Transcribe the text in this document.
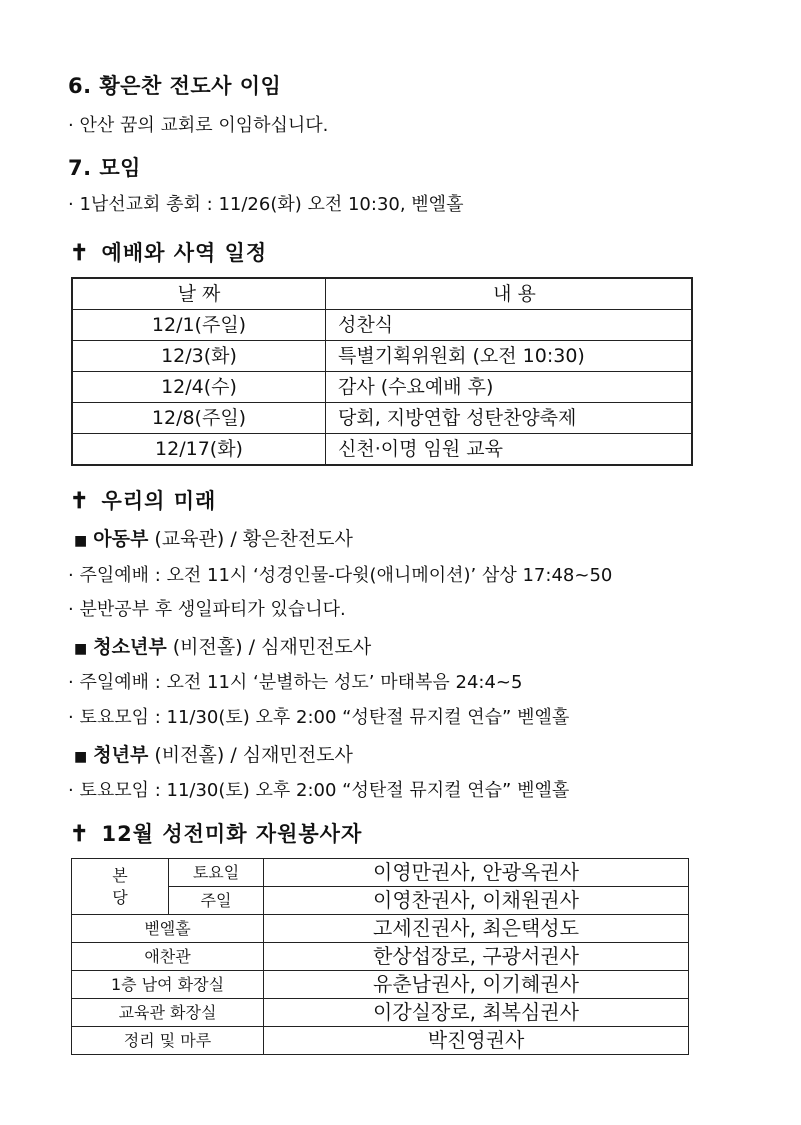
6. 황은찬 전도사 이임
· 안산 꿈의 교회로 이임하십니다.
7. 모임
· 1남선교회 총회 : 11/26(화) 오전 10:30, 벧엘홀
✝ 예배와 사역 일정
날 짜	내 용
12/1(주일)	성찬식
12/3(화)	특별기획위원회 (오전 10:30)
12/4(수)	감사 (수요예배 후)
12/8(주일)	당회, 지방연합 성탄찬양축제
12/17(화)	신천·이명 임원 교육
✝ 우리의 미래
■ 아동부 (교육관) / 황은찬전도사
· 주일예배 : 오전 11시 ‘성경인물-다윗(애니메이션)’ 삼상 17:48~50
· 분반공부 후 생일파티가 있습니다.
■ 청소년부 (비전홀) / 심재민전도사
· 주일예배 : 오전 11시 ‘분별하는 성도’ 마태복음 24:4~5
· 토요모임 : 11/30(토) 오후 2:00 “성탄절 뮤지컬 연습” 벧엘홀
■ 청년부 (비전홀) / 심재민전도사
· 토요모임 : 11/30(토) 오후 2:00 “성탄절 뮤지컬 연습” 벧엘홀
✝ 12월 성전미화 자원봉사자
본
당	토요일	이영만권사, 안광옥권사
	주일	이영찬권사, 이채원권사
벧엘홀		고세진권사, 최은택성도
애찬관		한상섭장로, 구광서권사
1층 남여 화장실		유춘남권사, 이기혜권사
교육관 화장실		이강실장로, 최복심권사
정리 및 마루		박진영권사
